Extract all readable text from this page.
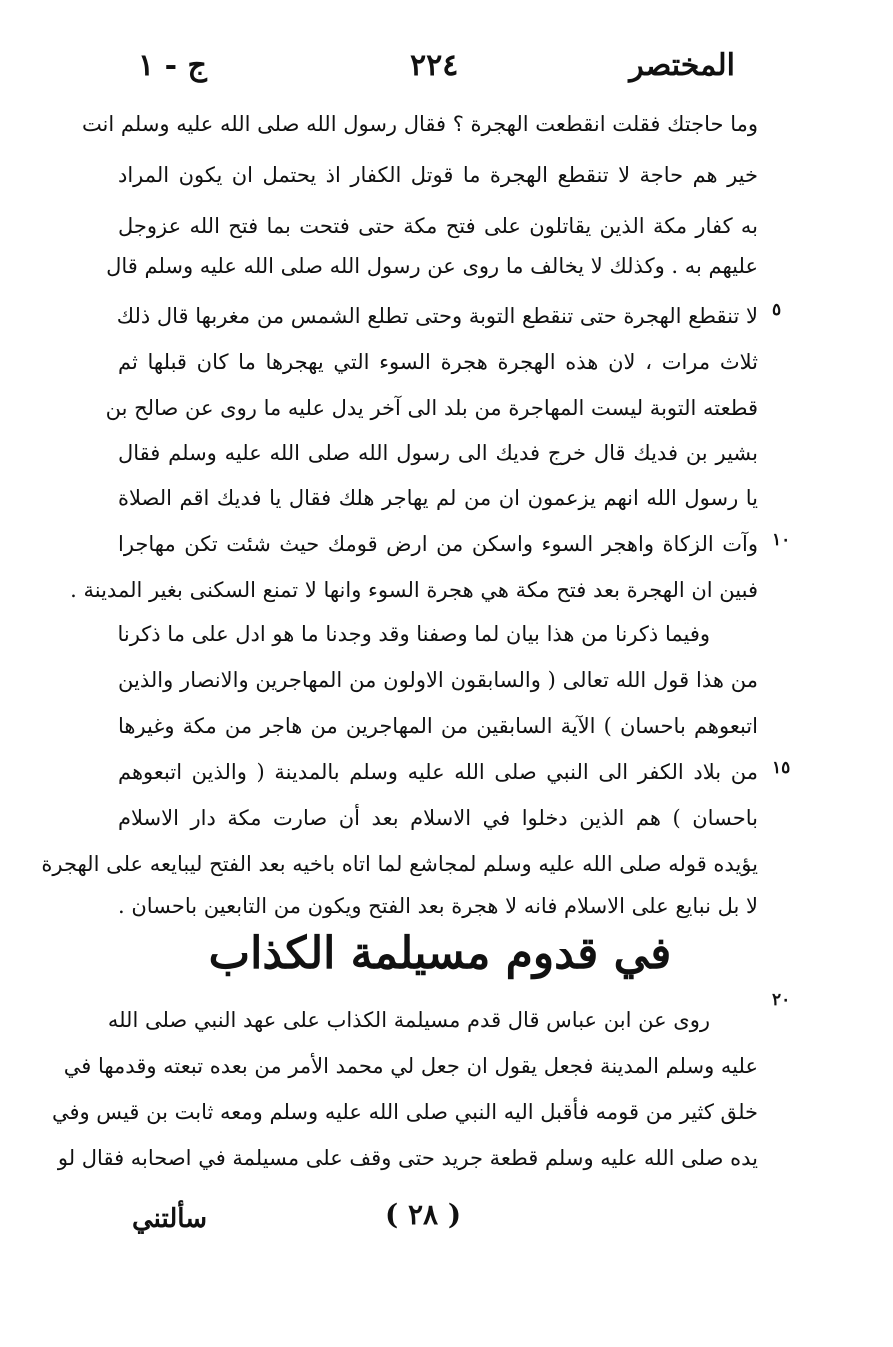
المختصر
٢٢٤
ج - ١
وما حاجتك فقلت انقطعت الهجرة ؟ فقال رسول الله صلى الله عليه وسلم انت
خير هم حاجة لا تنقطع الهجرة ما قوتل الكفار اذ يحتمل ان يكون المراد
به كفار مكة الذين يقاتلون على فتح مكة حتى فتحت بما فتح الله عزوجل
عليهم به . وكذلك لا يخالف ما روى عن رسول الله صلى الله عليه وسلم قال
لا تنقطع الهجرة حتى تنقطع التوبة وحتى تطلع الشمس من مغربها قال ذلك
ثلاث مرات ، لان هذه الهجرة هجرة السوء التي يهجرها ما كان قبلها ثم
قطعته التوبة ليست المهاجرة من بلد الى آخر يدل عليه ما روى عن صالح بن
بشير بن فديك قال خرج فديك الى رسول الله صلى الله عليه وسلم فقال
يا رسول الله انهم يزعمون ان من لم يهاجر هلك فقال يا فديك اقم الصلاة
وآت الزكاة واهجر السوء واسكن من ارض قومك حيث شئت تكن مهاجرا
فبين ان الهجرة بعد فتح مكة هي هجرة السوء وانها لا تمنع السكنى بغير المدينة .
وفيما ذكرنا من هذا بيان لما وصفنا وقد وجدنا ما هو ادل على ما ذكرنا
من هذا قول الله تعالى ( والسابقون الاولون من المهاجرين والانصار والذين
اتبعوهم باحسان ) الآية السابقين من المهاجرين من هاجر من مكة وغيرها
من بلاد الكفر الى النبي صلى الله عليه وسلم بالمدينة ( والذين اتبعوهم
باحسان ) هم الذين دخلوا في الاسلام بعد أن صارت مكة دار الاسلام
يؤيده قوله صلى الله عليه وسلم لمجاشع لما اتاه باخيه بعد الفتح ليبايعه على الهجرة
لا بل نبايع على الاسلام فانه لا هجرة بعد الفتح ويكون من التابعين باحسان .
في قدوم مسيلمة الكذاب
روى عن ابن عباس قال قدم مسيلمة الكذاب على عهد النبي صلى الله
عليه وسلم المدينة فجعل يقول ان جعل لي محمد الأمر من بعده تبعته وقدمها في
خلق كثير من قومه فأقبل اليه النبي صلى الله عليه وسلم ومعه ثابت بن قيس وفي
يده صلى الله عليه وسلم قطعة جريد حتى وقف على مسيلمة في اصحابه فقال لو
٥
١٠
١٥
٢٠
( ٢٨ )
سألتني
